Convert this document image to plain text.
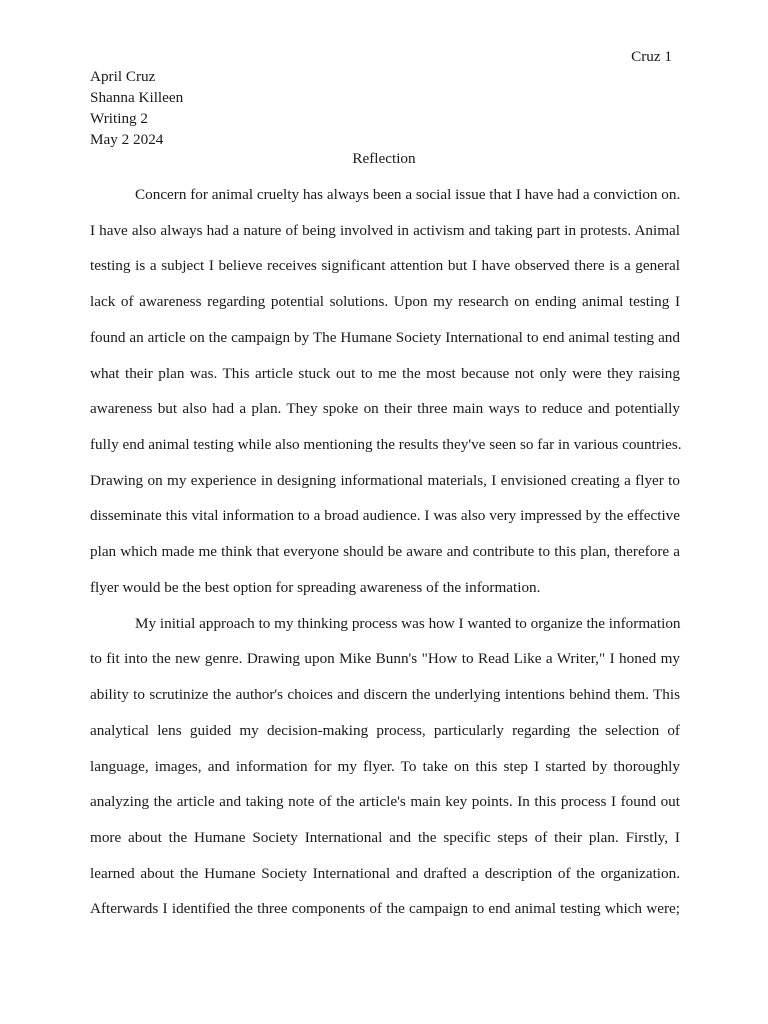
Cruz 1
April Cruz
Shanna Killeen
Writing 2
May 2 2024
Reflection
Concern for animal cruelty has always been a social issue that I have had a conviction on.
I have also always had a nature of being involved in activism and taking part in protests. Animal
testing is a subject I believe receives significant attention but I have observed there is a general
lack of awareness regarding potential solutions. Upon my research on ending animal testing I
found an article on the campaign by The Humane Society International to end animal testing and
what their plan was. This article stuck out to me the most because not only were they raising
awareness but also had a plan. They spoke on their three main ways to reduce and potentially
fully end animal testing while also mentioning the results they've seen so far in various countries.
Drawing on my experience in designing informational materials, I envisioned creating a flyer to
disseminate this vital information to a broad audience. I was also very impressed by the effective
plan which made me think that everyone should be aware and contribute to this plan, therefore a
flyer would be the best option for spreading awareness of the information.
My initial approach to my thinking process was how I wanted to organize the information
to fit into the new genre. Drawing upon Mike Bunn's "How to Read Like a Writer," I honed my
ability to scrutinize the author's choices and discern the underlying intentions behind them. This
analytical lens guided my decision-making process, particularly regarding the selection of
language, images, and information for my flyer. To take on this step I started by thoroughly
analyzing the article and taking note of the article's main key points. In this process I found out
more about the Humane Society International and the specific steps of their plan. Firstly, I
learned about the Humane Society International and drafted a description of the organization.
Afterwards I identified the three components of the campaign to end animal testing which were;
